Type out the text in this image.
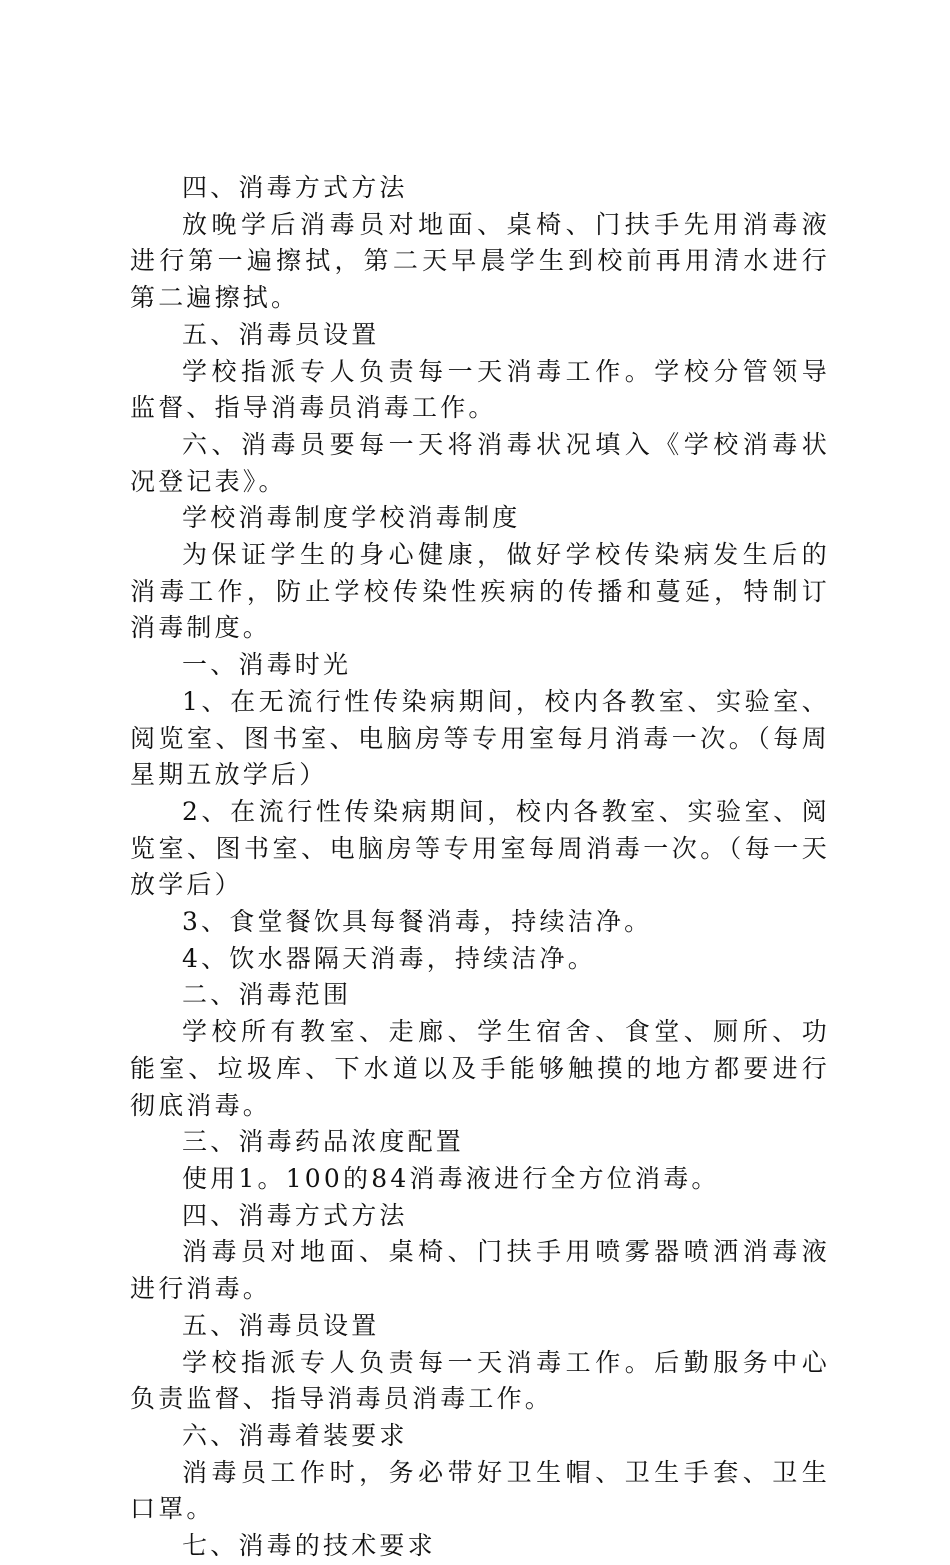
四、消毒方式方法

放晚学后消毒员对地面、桌椅、门扶手先用消毒液进行第一遍擦拭，第二天早晨学生到校前再用清水进行第二遍擦拭。

五、消毒员设置

学校指派专人负责每一天消毒工作。学校分管领导监督、指导消毒员消毒工作。

六、消毒员要每一天将消毒状况填入《学校消毒状况登记表》。

学校消毒制度学校消毒制度

为保证学生的身心健康，做好学校传染病发生后的消毒工作，防止学校传染性疾病的传播和蔓延，特制订消毒制度。

一、消毒时光

1、在无流行性传染病期间，校内各教室、实验室、阅览室、图书室、电脑房等专用室每月消毒一次。（每周星期五放学后）

2、在流行性传染病期间，校内各教室、实验室、阅览室、图书室、电脑房等专用室每周消毒一次。（每一天放学后）

3、食堂餐饮具每餐消毒，持续洁净。

4、饮水器隔天消毒，持续洁净。

二、消毒范围

学校所有教室、走廊、学生宿舍、食堂、厕所、功能室、垃圾库、下水道以及手能够触摸的地方都要进行彻底消毒。

三、消毒药品浓度配置

使用1。100的84消毒液进行全方位消毒。

四、消毒方式方法

消毒员对地面、桌椅、门扶手用喷雾器喷洒消毒液进行消毒。

五、消毒员设置

学校指派专人负责每一天消毒工作。后勤服务中心负责监督、指导消毒员消毒工作。

六、消毒着装要求

消毒员工作时，务必带好卫生帽、卫生手套、卫生口罩。

七、消毒的技术要求
